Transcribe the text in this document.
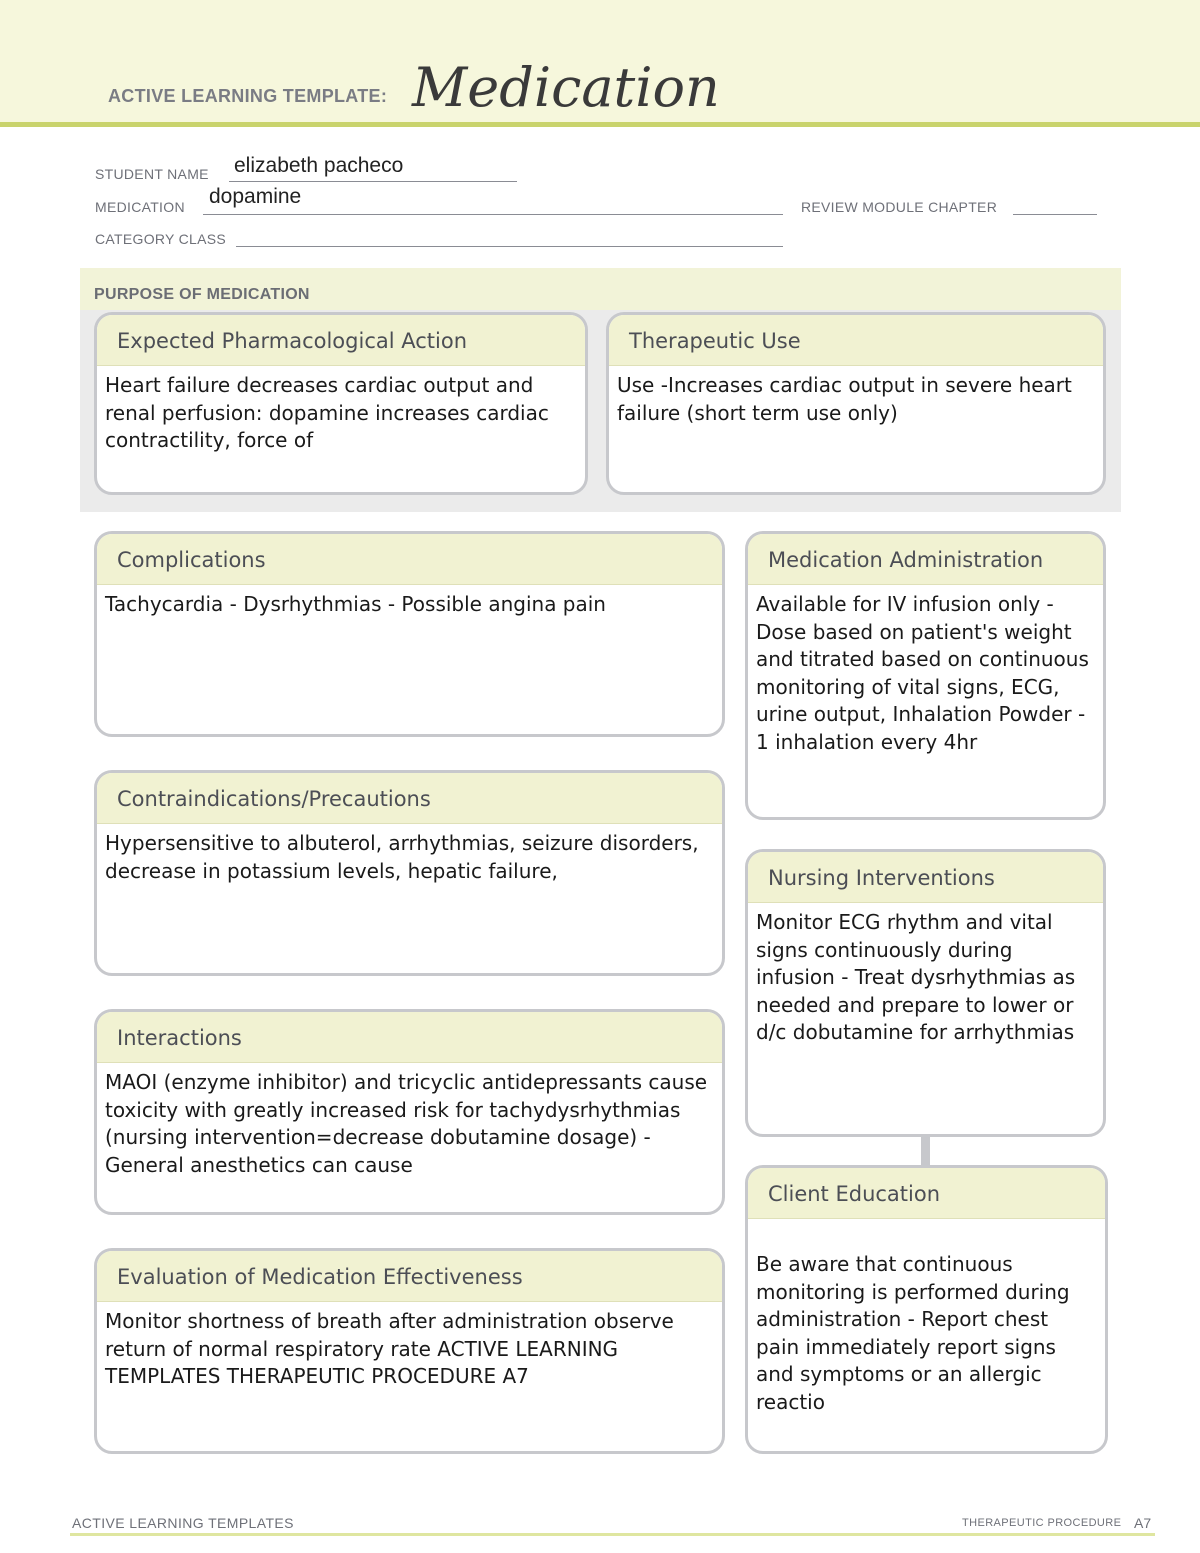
ACTIVE LEARNING TEMPLATE: Medication
STUDENT NAME elizabeth pacheco
MEDICATION dopamine	REVIEW MODULE CHAPTER
CATEGORY CLASS
PURPOSE OF MEDICATION
Expected Pharmacological Action
Heart failure decreases cardiac output and renal perfusion: dopamine increases cardiac contractility, force of
Therapeutic Use
Use -Increases cardiac output in severe heart failure (short term use only)
Complications
Tachycardia - Dysrhythmias - Possible angina pain
Contraindications/Precautions
Hypersensitive to albuterol, arrhythmias, seizure disorders, decrease in potassium levels, hepatic failure,
Interactions
MAOI (enzyme inhibitor) and tricyclic antidepressants cause toxicity with greatly increased risk for tachydysrhythmias (nursing intervention=decrease dobutamine dosage) - General anesthetics can cause
Evaluation of Medication Effectiveness
Monitor shortness of breath after administration observe return of normal respiratory rate ACTIVE LEARNING TEMPLATES THERAPEUTIC PROCEDURE A7
Medication Administration
Available for IV infusion only - Dose based on patient's weight and titrated based on continuous monitoring of vital signs, ECG, urine output, Inhalation Powder - 1 inhalation every 4hr
Nursing Interventions
Monitor ECG rhythm and vital signs continuously during infusion - Treat dysrhythmias as needed and prepare to lower or d/c dobutamine for arrhythmias
Client Education
Be aware that continuous monitoring is performed during administration - Report chest pain immediately report signs and symptoms or an allergic reactio
ACTIVE LEARNING TEMPLATES	THERAPEUTIC PROCEDURE A7
